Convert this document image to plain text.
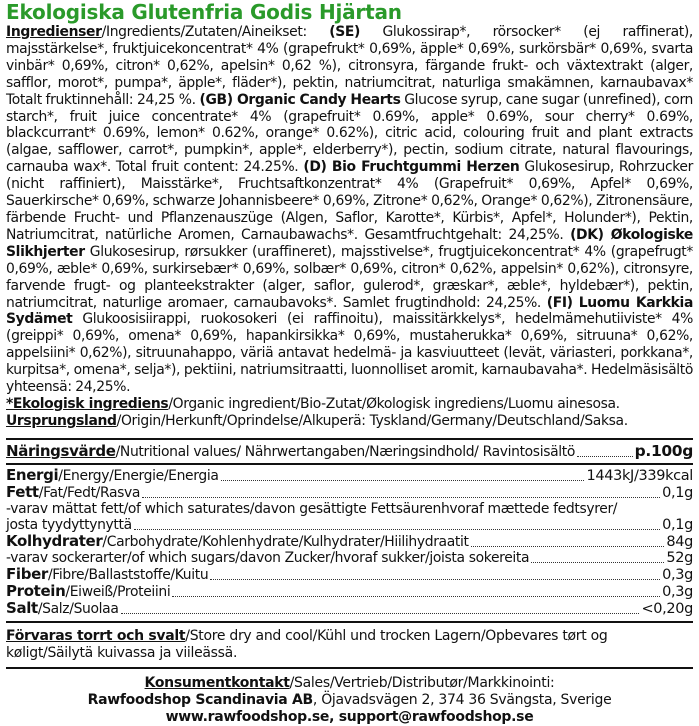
Ekologiska Glutenfria Godis Hjärtan

Ingredienser/Ingredients/Zutaten/Aineikset: (SE) Glukossirap*, rörsocker* (ej raffinerat), majsstärkelse*, fruktjuicekoncentrat* 4% (grapefrukt* 0,69%, äpple* 0,69%, surkörsbär* 0,69%, svarta vinbär* 0,69%, citron* 0,62%, apelsin* 0,62 %), citronsyra, färgande frukt- och växtextrakt (alger, safflor, morot*, pumpa*, äpple*, fläder*), pektin, natriumcitrat, naturliga smakämnen, karnaubavax* Totalt fruktinnehåll: 24,25 %. (GB) Organic Candy Hearts Glucose syrup, cane sugar (unrefined), corn starch*, fruit juice concentrate* 4% (grapefruit* 0.69%, apple* 0.69%, sour cherry* 0.69%, blackcurrant* 0.69%, lemon* 0.62%, orange* 0.62%), citric acid, colouring fruit and plant extracts (algae, safflower, carrot*, pumpkin*, apple*, elderberry*), pectin, sodium citrate, natural flavourings, carnauba wax*. Total fruit content: 24.25%. (D) Bio Fruchtgummi Herzen Glukosesirup, Rohrzucker (nicht raffiniert), Maisstärke*, Fruchtsaftkonzentrat* 4% (Grapefruit* 0,69%, Apfel* 0,69%, Sauerkirsche* 0,69%, schwarze Johannisbeere* 0,69%, Zitrone* 0,62%, Orange* 0,62%), Zitronensäure, färbende Frucht- und Pflanzenauszüge (Algen, Saflor, Karotte*, Kürbis*, Apfel*, Holunder*), Pektin, Natriumcitrat, natürliche Aromen, Carnaubawachs*. Gesamtfruchtgehalt: 24,25%. (DK) Økologiske Slikhjerter Glukosesirup, rørsukker (uraffineret), majsstivelse*, frugtjuicekoncentrat* 4% (grapefrugt* 0,69%, æble* 0,69%, surkirsebær* 0,69%, solbær* 0,69%, citron* 0,62%, appelsin* 0,62%), citronsyre, farvende frugt- og planteekstrakter (alger, saflor, gulerod*, græskar*, æble*, hyldebær*), pektin, natriumcitrat, naturlige aromaer, carnaubavoks*. Samlet frugtindhold: 24,25%. (FI) Luomu Karkkia Sydämet Glukoosisiirappi, ruokosokeri (ei raffinoitu), maissitärkkelys*, hedelmämehutiiviste* 4% (greippi* 0,69%, omena* 0,69%, hapankirsikka* 0,69%, mustaherukka* 0,69%, sitruuna* 0,62%, appelsiini* 0,62%), sitruunahappo, väriä antavat hedelmä- ja kasviuutteet (levät, väriasteri, porkkana*, kurpitsa*, omena*, selja*), pektiini, natriumsitraatti, luonnolliset aromit, karnaubavaha*. Hedelmäsisältö yhteensä: 24,25%.

*Ekologisk ingrediens/Organic ingredient/Bio-Zutat/Økologisk ingrediens/Luomu ainesosa.
Ursprungsland/Origin/Herkunft/Oprindelse/Alkuperä: Tyskland/Germany/Deutschland/Saksa.
Näringsvärde/Nutritional values/ Nährwertangaben/Næringsindhold/ Ravintosisältö	p.100g
Energi/Energy/Energie/Energia	1443kJ/339kcal
Fett/Fat/Fedt/Rasva	0,1g
-varav mättat fett/of which saturates/davon gesättigte Fettsäurenhvoraf mættede fedtsyrer/
josta tyydyttynyttä	0,1g
Kolhydrater/Carbohydrate/Kohlenhydrate/Kulhydrater/Hiilihydraatit	84g
-varav sockerarter/of which sugars/davon Zucker/hvoraf sukker/joista sokereita	52g
Fiber/Fibre/Ballaststoffe/Kuitu	0,3g
Protein/Eiweiß/Proteiini	0,3g
Salt/Salz/Suolaa	<0,20g

Förvaras torrt och svalt/Store dry and cool/Kühl und trocken Lagern/Opbevares tørt og køligt/Säilytä kuivassa ja viileässä.

Konsumentkontakt/Sales/Vertrieb/Distributør/Markkinointi:
Rawfoodshop Scandinavia AB, Öjavadsvägen 2, 374 36 Svängsta, Sverige
www.rawfoodshop.se, support@rawfoodshop.se
